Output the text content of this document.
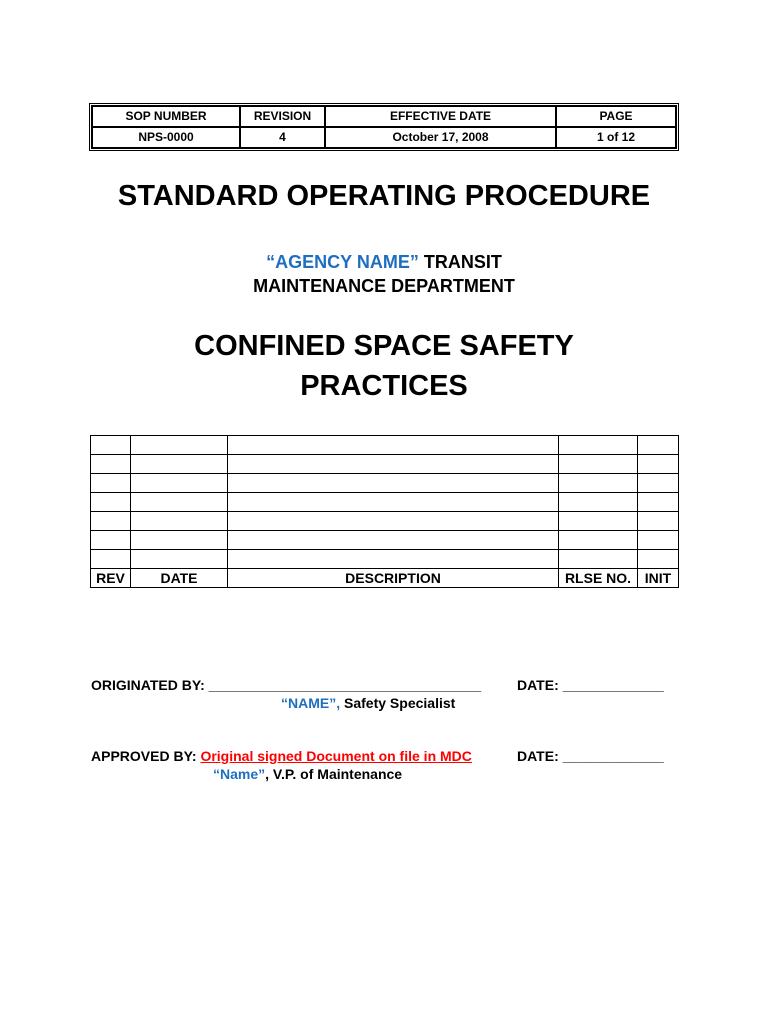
SOP NUMBER	REVISION	EFFECTIVE DATE	PAGE
NPS-0000	4	October 17, 2008	1 of 12
STANDARD OPERATING PROCEDURE
“AGENCY NAME” TRANSIT
MAINTENANCE DEPARTMENT
CONFINED SPACE SAFETY
PRACTICES

REV	DATE	DESCRIPTION	RLSE NO.	INIT
ORIGINATED BY: ___________________________________	DATE: _____________
“NAME”, Safety Specialist
APPROVED BY: Original signed Document on file in MDC	DATE: _____________
“Name”, V.P. of Maintenance
